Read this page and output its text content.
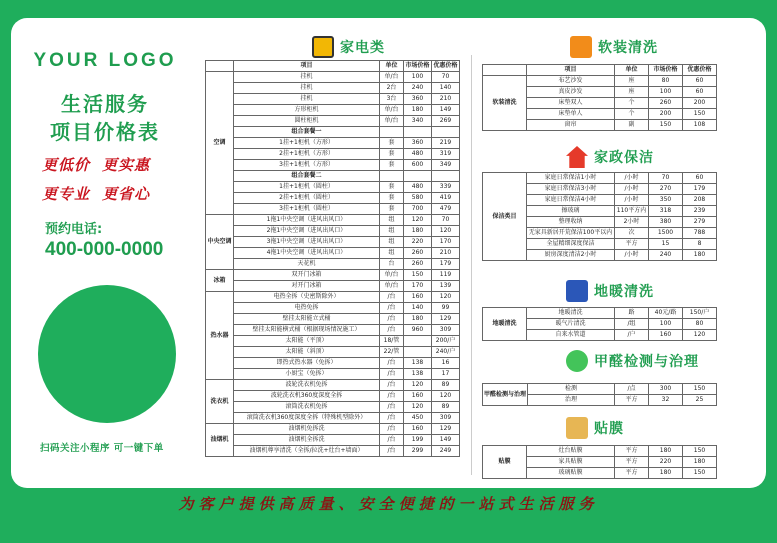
YOUR LOGO
生活服务
项目价格表
更低价 更实惠
更专业 更省心
预约电话:
400-000-0000
扫码关注小程序 可一键下单
家电类
	项目	单位	市场价格	优惠价格
空调	挂机	单/台	100	70
	挂机	2台	240	140
	挂机	3台	360	210
	方形柜机	单/台	180	149
	圆柱柜机	单/台	340	269
	组合套餐一			
	1挂+1柜机（方形）	套	360	219
	2挂+1柜机（方形）	套	480	319
	3挂+1柜机（方形）	套	600	349
	组合套餐二			
	1挂+1柜机（圆柱）	套	480	339
	2挂+1柜机（圆柱）	套	580	419
	3挂+1柜机（圆柱）	套	700	479
中央空调	1拖1中央空调（进风出风口）	组	120	70
	2拖1中央空调（进风出风口）	组	180	120
	3拖1中央空调（进风出风口）	组	220	170
	4拖1中央空调（进风出风口）	组	260	210
	天花机	台	260	179
冰箱	双开门冰箱	单/台	150	119
	对开门冰箱	单/台	170	139
热水器	电热全拆（史密斯除外）	/台	160	120
	电热免拆	/台	140	99
	壁挂太阳能立式桶	/台	180	129
	壁挂太阳能横式桶（根据现场情况施工）	/台	960	309
	太阳能（平顶）	18/管		200/户
	太阳能（斜顶）	22/管		240/户
	即热式热水器（免拆）	/台	138	16
	小厨宝（免拆）	/台	138	17
洗衣机	波轮洗衣机免拆	/台	120	89
	波轮洗衣机360度深度全拆	/台	160	120
	滚筒洗衣机免拆	/台	120	89
	滚筒洗衣机360度深度全拆（特殊机型除外）	/台	450	309
油烟机	油烟机免拆洗	/台	160	129
	油烟机全拆洗	/台	199	149
	油烟机尊享清洗（全拆/拉洗+灶台+墙面）	/台	299	249
软装清洗
家政保洁
地暖清洗
甲醛检测与治理
贴膜
	项目	单位	市场价格	优惠价格
软装清洗	布艺沙发	座	80	60
	真皮沙发	座	100	60
	床垫双人	个	260	200
	床垫单人	个	200	150
	窗帘	副	150	108
保洁类目	家庭日常保洁1小时	/小时	70	60
	家庭日常保洁3小时	/小时	270	179
	家庭日常保洁4小时	/小时	350	208
	擦玻璃	110平方内	318	239
	整理收纳	2小时	380	279
	无家具新居开荒保洁100平以内	次	1500	788
	全屋精细深度保洁	平方	15	8
	厨房深度清洁2小时	/小时	240	180
地暖清洗	地暖清洗	路	40元/路	150/户
	暖气片清洗	/组	100	80
	自来水管道	/户	160	120
甲醛检测与治理	检测	/点	300	150
	治理	平方	32	25
贴膜	灶台贴膜	平方	180	150
	家具贴膜	平方	220	180
	玻璃贴膜	平方	180	150
为客户提供高质量、安全便捷的一站式生活服务
